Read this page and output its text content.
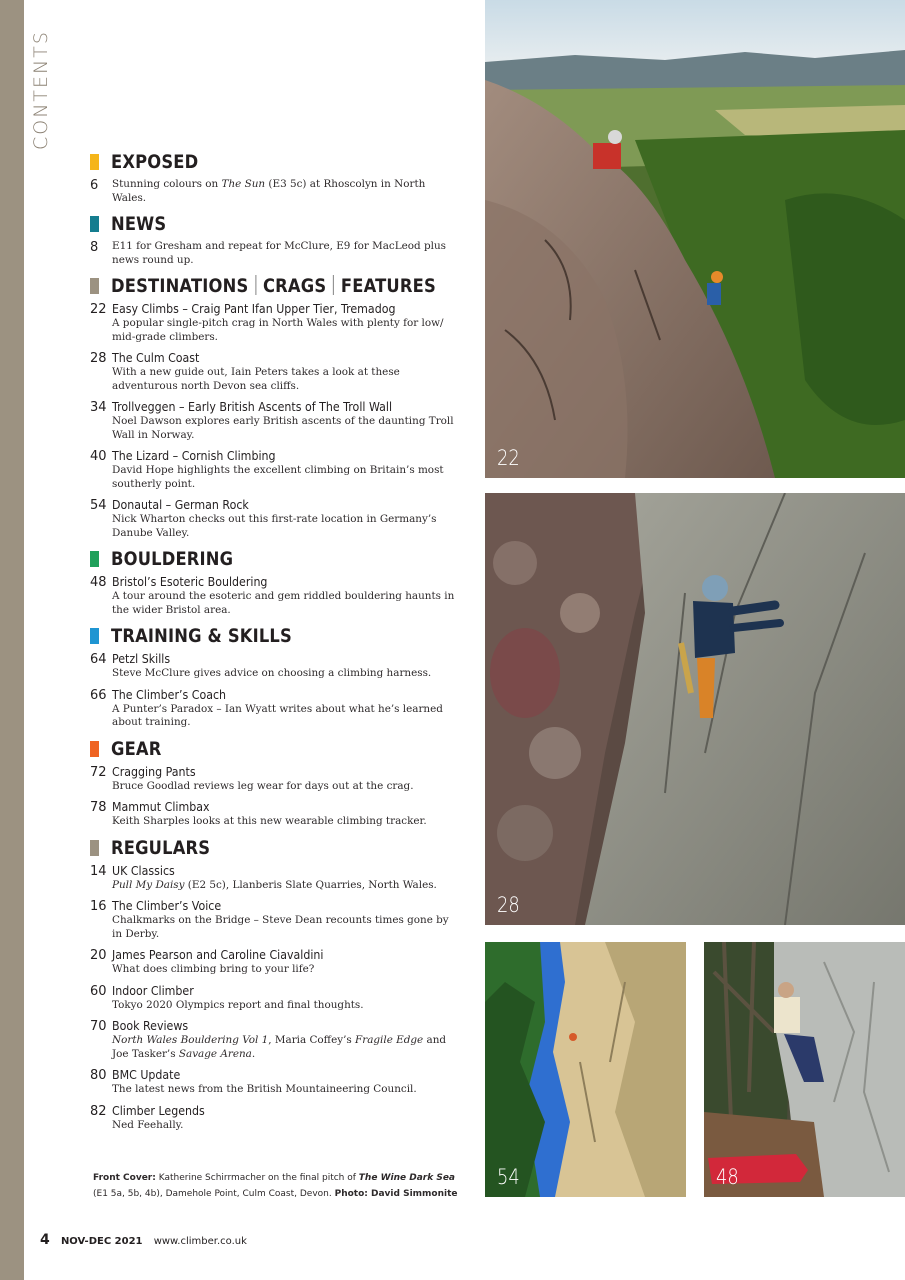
CONTENTS
EXPOSED
6	Stunning colours on The Sun (E3 5c) at Rhoscolyn in North Wales.
NEWS
8	E11 for Gresham and repeat for McClure, E9 for MacLeod plus news round up.
DESTINATIONS CRAGS FEATURES
22 Easy Climbs – Craig Pant Ifan Upper Tier, Tremadog
A popular single-pitch crag in North Wales with plenty for low/ mid-grade climbers.
28 The Culm Coast
With a new guide out, Iain Peters takes a look at these adventurous north Devon sea cliffs.
34 Trollveggen – Early British Ascents of The Troll Wall
Noel Dawson explores early British ascents of the daunting Troll Wall in Norway.
40 The Lizard – Cornish Climbing
David Hope highlights the excellent climbing on Britain’s most southerly point.
54 Donautal – German Rock
Nick Wharton checks out this first-rate location in Germany’s Danube Valley.
BOULDERING
48 Bristol’s Esoteric Bouldering
A tour around the esoteric and gem riddled bouldering haunts in the wider Bristol area.
TRAINING & SKILLS
64 Petzl Skills
Steve McClure gives advice on choosing a climbing harness.
66 The Climber’s Coach
A Punter’s Paradox – Ian Wyatt writes about what he’s learned about training.
GEAR
72 Cragging Pants
Bruce Goodlad reviews leg wear for days out at the crag.
78 Mammut Climbax
Keith Sharples looks at this new wearable climbing tracker.
REGULARS
14 UK Classics
Pull My Daisy (E2 5c), Llanberis Slate Quarries, North Wales.
16 The Climber’s Voice
Chalkmarks on the Bridge – Steve Dean recounts times gone by in Derby.
20 James Pearson and Caroline Ciavaldini
What does climbing bring to your life?
60 Indoor Climber
Tokyo 2020 Olympics report and final thoughts.
70 Book Reviews
North Wales Bouldering Vol 1, Maria Coffey’s Fragile Edge and Joe Tasker’s Savage Arena.
80 BMC Update
The latest news from the British Mountaineering Council.
82 Climber Legends
Ned Feehally.
Front Cover: Katherine Schirrmacher on the final pitch of The Wine Dark Sea (E1 5a, 5b, 4b), Damehole Point, Culm Coast, Devon. Photo: David Simmonite
4 NOV-DEC 2021 www.climber.co.uk
22
28
54	48
